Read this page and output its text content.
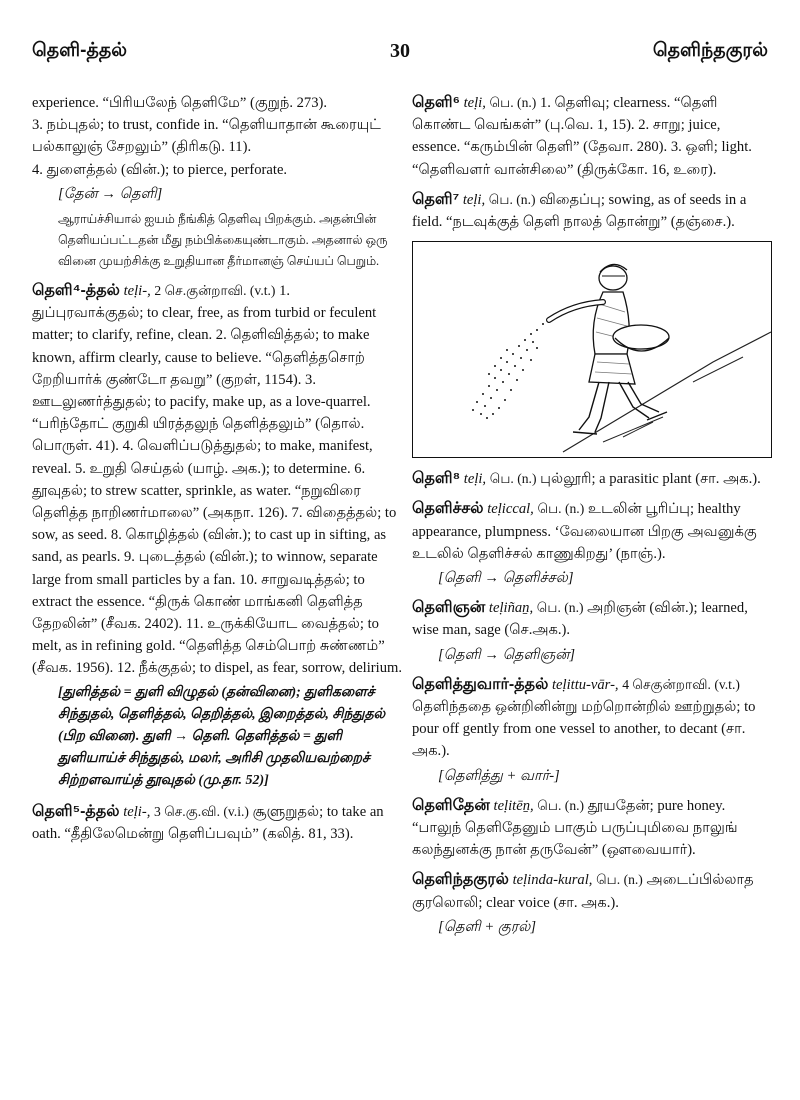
தெளி-த்தல்	30	தெளிந்தகுரல்

experience. “பிரியலேந் தெளிமே” (குறுந். 273).

3. நம்புதல்; to trust, confide in. “தெளியாதான் கூரையுட் பல்காலுஞ் சேறலும்” (திரிகடு. 11).

4. துளைத்தல் (வின்.); to pierce, perforate.

[தேன் → தெளி]

ஆராய்ச்சியால் ஐயம் நீங்கித் தெளிவு பிறக்கும். அதன்பின் தெளியப்பட்டதன் மீது நம்பிக்கையுண்டாகும். அதனால் ஒரு வினை முயற்சிக்கு உறுதியான தீர்மானஞ் செய்யப் பெறும்.

தெளி⁴-த்தல் teḷi-, 2 செ.குன்றாவி. (v.t.) 1. துப்புரவாக்குதல்; to clear, free, as from turbid or feculent matter; to clarify, refine, clean. 2. தெளிவித்தல்; to make known, affirm clearly, cause to believe. “தெளித்தசொற் றேறியார்க் குண்டோ தவறு” (குறள், 1154). 3. ஊடலுணர்த்துதல்; to pacify, make up, as a love-quarrel. “பரிந்தோட் குறுகி யிரத்தலுந் தெளித்தலும்” (தொல். பொருள். 41). 4. வெளிப்படுத்துதல்; to make, manifest, reveal. 5. உறுதி செய்தல் (யாழ். அக.); to determine. 6. தூவுதல்; to strew scatter, sprinkle, as water. “நறுவிரை தெளித்த நாறிணர்மாலை” (அகநா. 126). 7. விதைத்தல்; to sow, as seed. 8. கொழித்தல் (வின்.); to cast up in sifting, as sand, as pearls. 9. புடைத்தல் (வின்.); to winnow, separate large from small particles by a fan. 10. சாறுவடித்தல்; to extract the essence. “திருக் கொண் மாங்கனி தெளித்த தேறலின்” (சீவக. 2402). 11. உருக்கியோட வைத்தல்; to melt, as in refining gold. “தெளித்த செம்பொற் சுண்ணம்” (சீவக. 1956). 12. நீக்குதல்; to dispel, as fear, sorrow, delirium.

[துளித்தல் = துளி விழுதல் (தன்வினை); துளிகளைச் சிந்துதல், தெளித்தல், தெறித்தல், இறைத்தல், சிந்துதல் (பிற வினை). துளி → தெளி. தெளித்தல் = துளி துளியாய்ச் சிந்துதல், மலர், அரிசி முதலியவற்றைச் சிற்றளவாய்த் தூவுதல் (மு.தா. 52)]

தெளி⁵-த்தல் teḷi-, 3 செ.கு.வி. (v.i.) சூளுறுதல்; to take an oath. “தீதிலேமென்று தெளிப்பவும்” (கலித். 81, 33).
தெளி⁶ teḷi, பெ. (n.) 1. தெளிவு; clearness. “தெளி கொண்ட வெங்கள்” (பு.வெ. 1, 15). 2. சாறு; juice, essence. “கரும்பின் தெளி” (தேவா. 280). 3. ஒளி; light. “தெளிவளர் வான்சிலை” (திருக்கோ. 16, உரை).
தெளி⁷ teḷi, பெ. (n.) விதைப்பு; sowing, as of seeds in a field. “நடவுக்குத் தெளி நாலத் தொன்று” (தஞ்சை.).
தெளி⁸ teḷi, பெ. (n.) புல்லூரி; a parasitic plant (சா. அக.).
தெளிச்சல் teḷiccal, பெ. (n.) உடலின் பூரிப்பு; healthy appearance, plumpness. ‘வேலையான பிறகு அவனுக்கு உடலில் தெளிச்சல் காணுகிறது’ (நாஞ்.).

[தெளி → தெளிச்சல்]

தெளிஞன் teḷiñaṉ, பெ. (n.) அறிஞன் (வின்.); learned, wise man, sage (செ.அக.).

[தெளி → தெளிஞன்]

தெளித்துவார்-த்தல் teḷittu-vār-, 4 செகுன்றாவி. (v.t.) தெளிந்ததை ஒன்றினின்று மற்றொன்றில் ஊற்றுதல்; to pour off gently from one vessel to another, to decant (சா. அக.).

[தெளித்து + வார்-]

தெளிதேன் teḷitēṉ, பெ. (n.) தூயதேன்; pure honey. “பாலுந் தெளிதேனும் பாகும் பருப்புமிவை நாலுங் கலந்துனக்கு நான் தருவேன்” (ஔவையார்).
தெளிந்தகுரல் teḷinda-kural, பெ. (n.) அடைப்பில்லாத குரலொலி; clear voice (சா. அக.).

[தெளி + குரல்]
